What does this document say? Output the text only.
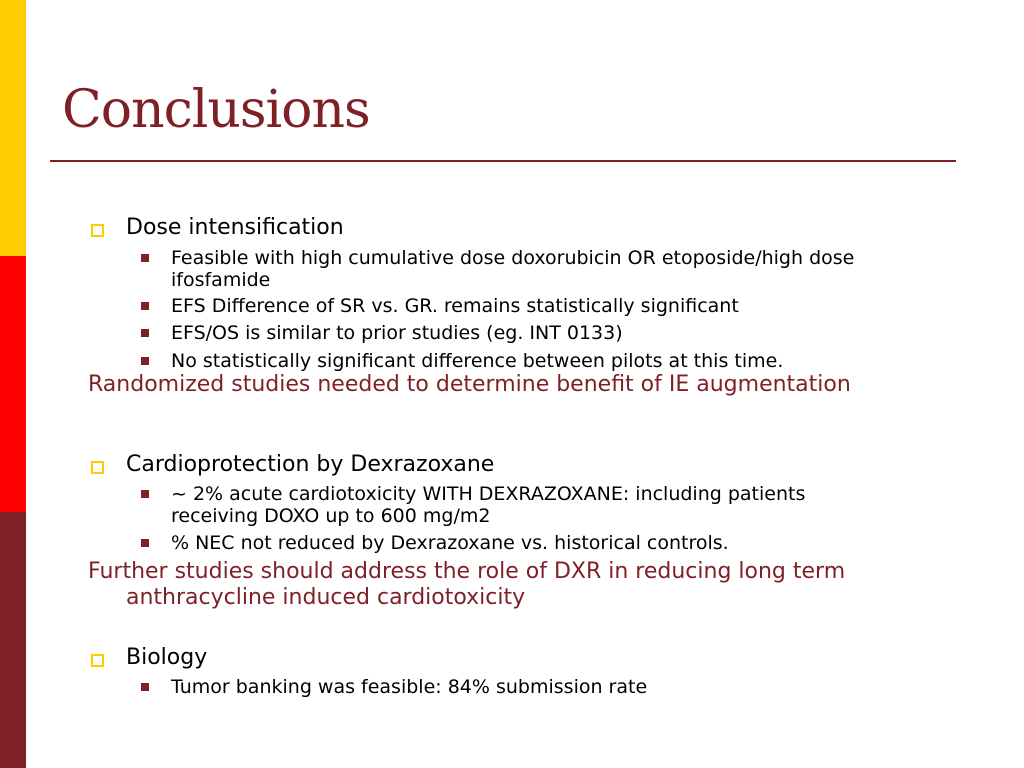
Conclusions
Dose intensification
Feasible with high cumulative dose doxorubicin OR etoposide/high dose
ifosfamide
EFS Difference of SR vs. GR. remains statistically significant
EFS/OS is similar to prior studies (eg. INT 0133)
No statistically significant difference between pilots at this time.
Randomized studies needed to determine benefit of IE augmentation
Cardioprotection by Dexrazoxane
~ 2% acute cardiotoxicity WITH DEXRAZOXANE: including patients
receiving DOXO up to 600 mg/m2
% NEC not reduced by Dexrazoxane vs. historical controls.
Further studies should address the role of DXR in reducing long term
anthracycline induced cardiotoxicity
Biology
Tumor banking was feasible: 84% submission rate
